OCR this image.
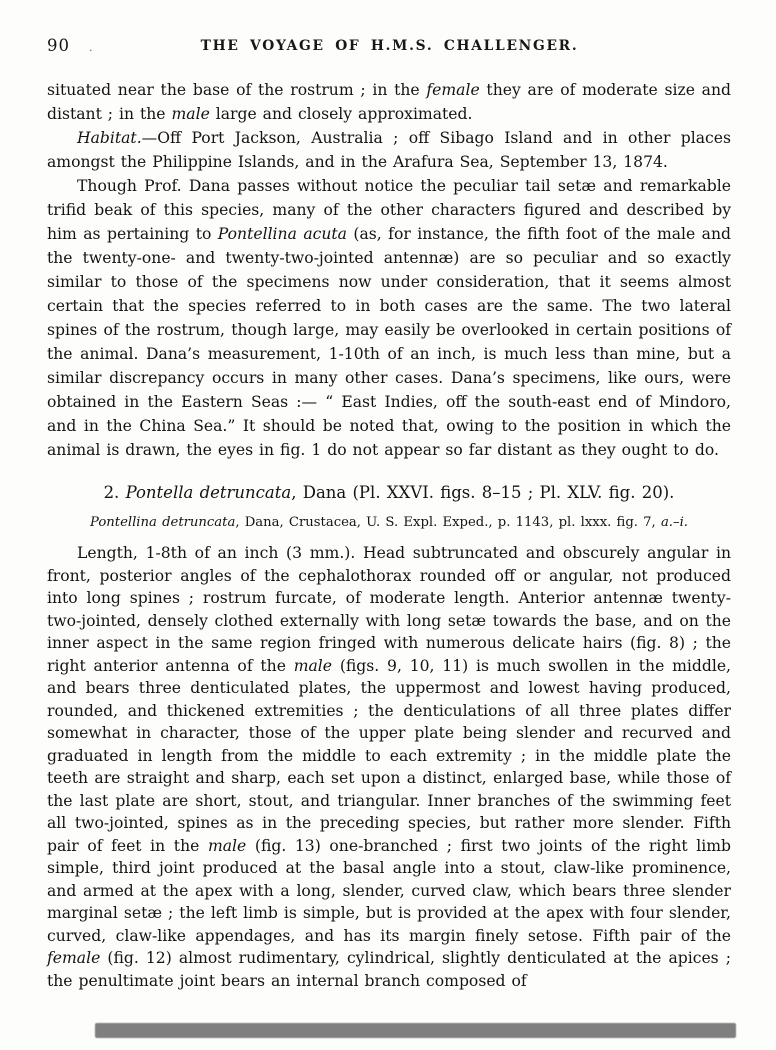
90 .	THE VOYAGE OF H.M.S. CHALLENGER.

situated near the base of the rostrum ; in the female they are of moderate size and distant ; in the male large and closely approximated.

Habitat.—Off Port Jackson, Australia ; off Sibago Island and in other places amongst the Philippine Islands, and in the Arafura Sea, September 13, 1874.

Though Prof. Dana passes without notice the peculiar tail setæ and remarkable trifid beak of this species, many of the other characters figured and described by him as pertaining to Pontellina acuta (as, for instance, the fifth foot of the male and the twenty-one- and twenty-two-jointed antennæ) are so peculiar and so exactly similar to those of the specimens now under consideration, that it seems almost certain that the species referred to in both cases are the same. The two lateral spines of the rostrum, though large, may easily be overlooked in certain positions of the animal. Dana’s measurement, 1-10th of an inch, is much less than mine, but a similar discrepancy occurs in many other cases. Dana’s specimens, like ours, were obtained in the Eastern Seas :— “ East Indies, off the south-east end of Mindoro, and in the China Sea.” It should be noted that, owing to the position in which the animal is drawn, the eyes in fig. 1 do not appear so far distant as they ought to do.

2. Pontella detruncata, Dana (Pl. XXVI. figs. 8–15 ; Pl. XLV. fig. 20).

Pontellina detruncata, Dana, Crustacea, U. S. Expl. Exped., p. 1143, pl. lxxx. fig. 7, a.–i.

Length, 1-8th of an inch (3 mm.). Head subtruncated and obscurely angular in front, posterior angles of the cephalothorax rounded off or angular, not produced into long spines ; rostrum furcate, of moderate length. Anterior antennæ twenty-two-jointed, densely clothed externally with long setæ towards the base, and on the inner aspect in the same region fringed with numerous delicate hairs (fig. 8) ; the right anterior antenna of the male (figs. 9, 10, 11) is much swollen in the middle, and bears three denticulated plates, the uppermost and lowest having produced, rounded, and thickened extremities ; the denticulations of all three plates differ somewhat in character, those of the upper plate being slender and recurved and graduated in length from the middle to each extremity ; in the middle plate the teeth are straight and sharp, each set upon a distinct, enlarged base, while those of the last plate are short, stout, and triangular. Inner branches of the swimming feet all two-jointed, spines as in the preceding species, but rather more slender. Fifth pair of feet in the male (fig. 13) one-branched ; first two joints of the right limb simple, third joint produced at the basal angle into a stout, claw-like prominence, and armed at the apex with a long, slender, curved claw, which bears three slender marginal setæ ; the left limb is simple, but is provided at the apex with four slender, curved, claw-like appendages, and has its margin finely setose. Fifth pair of the female (fig. 12) almost rudimentary, cylindrical, slightly denticulated at the apices ; the penultimate joint bears an internal branch composed of
